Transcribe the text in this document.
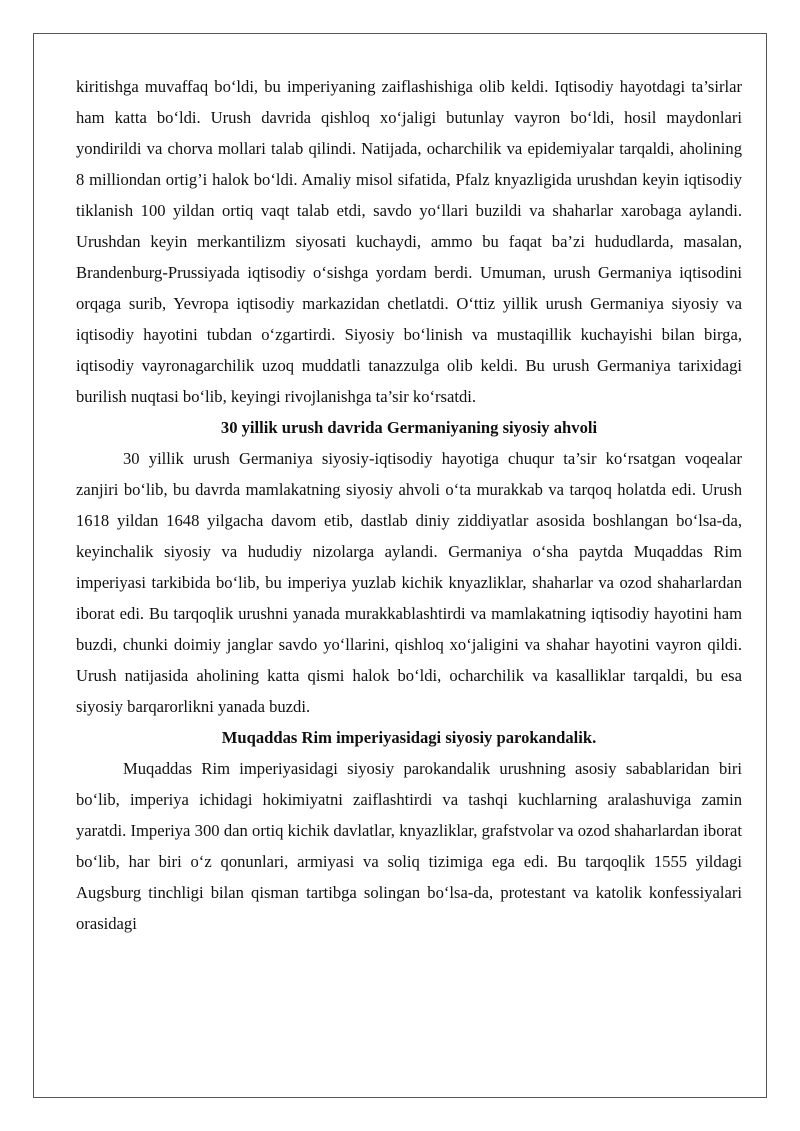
kiritishga muvaffaq bo‘ldi, bu imperiyaning zaiflashishiga olib keldi. Iqtisodiy hayotdagi ta’sirlar ham katta bo‘ldi. Urush davrida qishloq xo‘jaligi butunlay vayron bo‘ldi, hosil maydonlari yondirildi va chorva mollari talab qilindi. Natijada, ocharchilik va epidemiyalar tarqaldi, aholining 8 milliondan ortig’i halok bo‘ldi. Amaliy misol sifatida, Pfalz knyazligida urushdan keyin iqtisodiy tiklanish 100 yildan ortiq vaqt talab etdi, savdo yo‘llari buzildi va shaharlar xarobaga aylandi. Urushdan keyin merkantilizm siyosati kuchaydi, ammo bu faqat ba’zi hududlarda, masalan, Brandenburg-Prussiyada iqtisodiy o‘sishga yordam berdi. Umuman, urush Germaniya iqtisodini orqaga surib, Yevropa iqtisodiy markazidan chetlatdi. O‘ttiz yillik urush Germaniya siyosiy va iqtisodiy hayotini tubdan o‘zgartirdi. Siyosiy bo‘linish va mustaqillik kuchayishi bilan birga, iqtisodiy vayronagarchilik uzoq muddatli tanazzulga olib keldi. Bu urush Germaniya tarixidagi burilish nuqtasi bo‘lib, keyingi rivojlanishga ta’sir ko‘rsatdi.

30 yillik urush davrida Germaniyaning siyosiy ahvoli

30 yillik urush Germaniya siyosiy-iqtisodiy hayotiga chuqur ta’sir ko‘rsatgan voqealar zanjiri bo‘lib, bu davrda mamlakatning siyosiy ahvoli o‘ta murakkab va tarqoq holatda edi. Urush 1618 yildan 1648 yilgacha davom etib, dastlab diniy ziddiyatlar asosida boshlangan bo‘lsa-da, keyinchalik siyosiy va hududiy nizolarga aylandi. Germaniya o‘sha paytda Muqaddas Rim imperiyasi tarkibida bo‘lib, bu imperiya yuzlab kichik knyazliklar, shaharlar va ozod shaharlardan iborat edi. Bu tarqoqlik urushni yanada murakkablashtirdi va mamlakatning iqtisodiy hayotini ham buzdi, chunki doimiy janglar savdo yo‘llarini, qishloq xo‘jaligini va shahar hayotini vayron qildi. Urush natijasida aholining katta qismi halok bo‘ldi, ocharchilik va kasalliklar tarqaldi, bu esa siyosiy barqarorlikni yanada buzdi.

Muqaddas Rim imperiyasidagi siyosiy parokandalik.

Muqaddas Rim imperiyasidagi siyosiy parokandalik urushning asosiy sabablaridan biri bo‘lib, imperiya ichidagi hokimiyatni zaiflashtirdi va tashqi kuchlarning aralashuviga zamin yaratdi. Imperiya 300 dan ortiq kichik davlatlar, knyazliklar, grafstvolar va ozod shaharlardan iborat bo‘lib, har biri o‘z qonunlari, armiyasi va soliq tizimiga ega edi. Bu tarqoqlik 1555 yildagi Augsburg tinchligi bilan qisman tartibga solingan bo‘lsa-da, protestant va katolik konfessiyalari orasidagi
